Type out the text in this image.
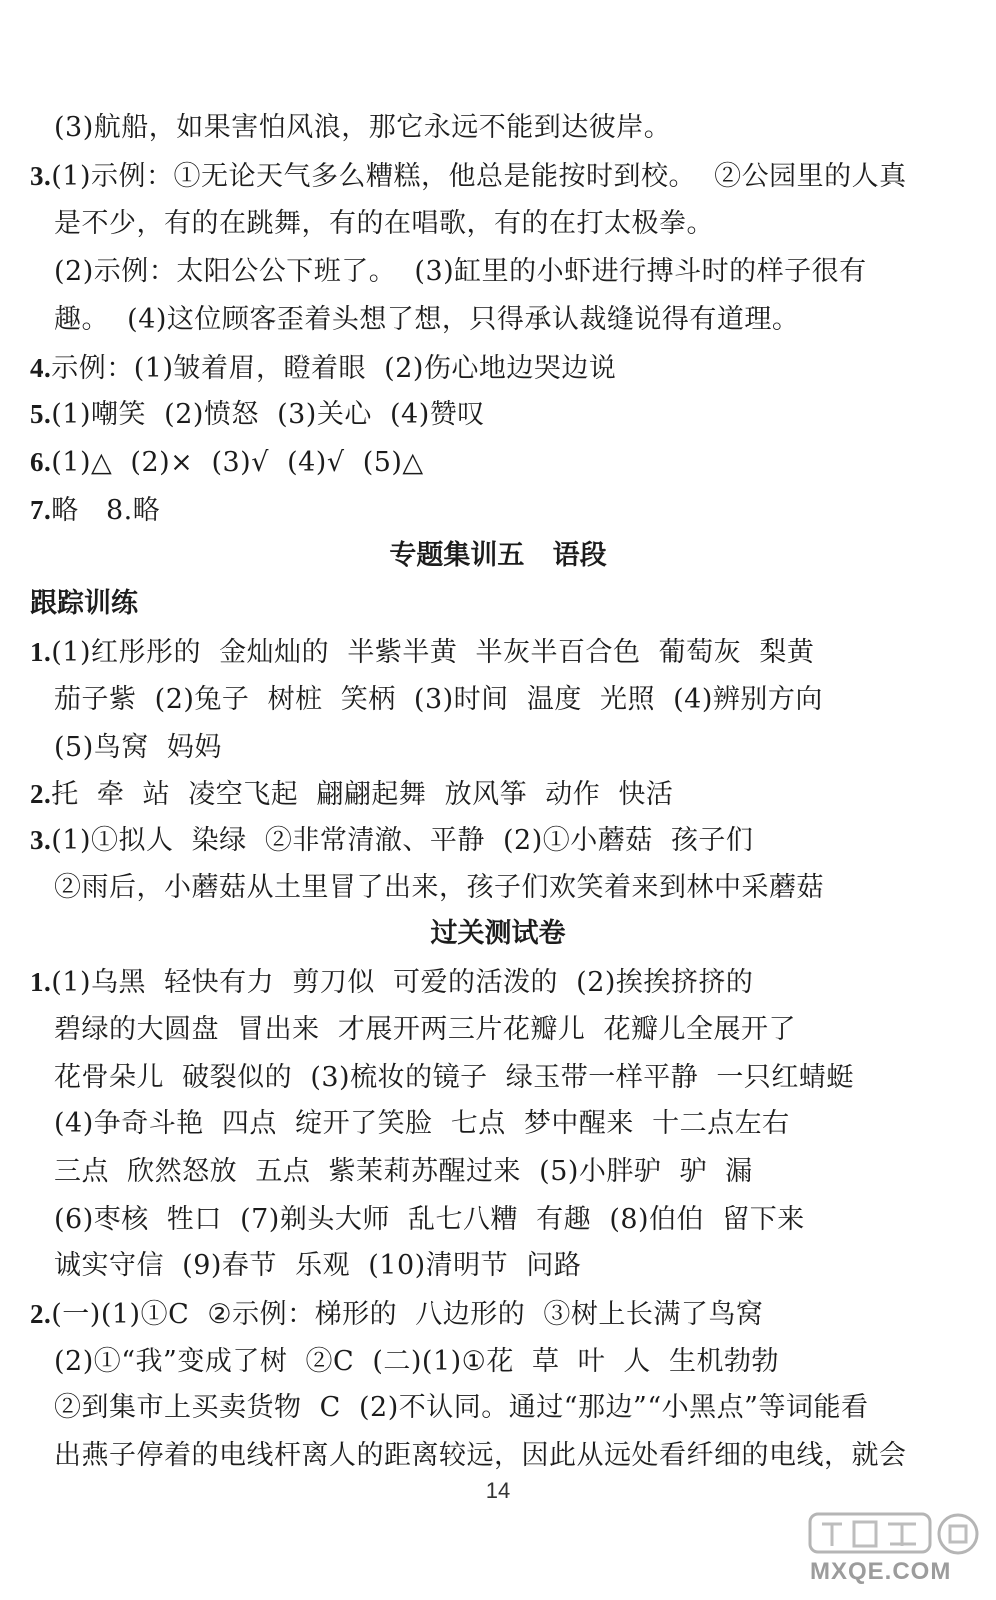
(3)航船，如果害怕风浪，那它永远不能到达彼岸。
3.(1)示例：①无论天气多么糟糕，他总是能按时到校。  ②公园里的人真
是不少，有的在跳舞，有的在唱歌，有的在打太极拳。
(2)示例：太阳公公下班了。  (3)缸里的小虾进行搏斗时的样子很有
趣。  (4)这位顾客歪着头想了想，只得承认裁缝说得有道理。
4.示例：(1)皱着眉，瞪着眼  (2)伤心地边哭边说
5.(1)嘲笑  (2)愤怒  (3)关心  (4)赞叹
6.(1)△  (2)×  (3)√  (4)√  (5)△
7.略   8.略
专题集训五   语段
跟踪训练
1.(1)红彤彤的  金灿灿的  半紫半黄  半灰半百合色  葡萄灰  梨黄
茄子紫  (2)兔子  树桩  笑柄  (3)时间  温度  光照  (4)辨别方向
(5)鸟窝  妈妈
2.托  牵  站  凌空飞起  翩翩起舞  放风筝  动作  快活
3.(1)①拟人  染绿  ②非常清澈、平静  (2)①小蘑菇  孩子们
②雨后，小蘑菇从土里冒了出来，孩子们欢笑着来到林中采蘑菇
过关测试卷
1.(1)乌黑  轻快有力  剪刀似  可爱的活泼的  (2)挨挨挤挤的
碧绿的大圆盘  冒出来  才展开两三片花瓣儿  花瓣儿全展开了
花骨朵儿  破裂似的  (3)梳妆的镜子  绿玉带一样平静  一只红蜻蜓
(4)争奇斗艳  四点  绽开了笑脸  七点  梦中醒来  十二点左右
三点  欣然怒放  五点  紫茉莉苏醒过来  (5)小胖驴  驴  漏
(6)枣核  牲口  (7)剃头大师  乱七八糟  有趣  (8)伯伯  留下来
诚实守信  (9)春节  乐观  (10)清明节  问路
2.(一)(1)①C  ②示例：梯形的  八边形的  ③树上长满了鸟窝
(2)①“我”变成了树  ②C  (二)(1)①花  草  叶  人  生机勃勃
②到集市上买卖货物  C  (2)不认同。通过“那边”“小黑点”等词能看
出燕子停着的电线杆离人的距离较远，因此从远处看纤细的电线，就会
14
MXQE.COM
